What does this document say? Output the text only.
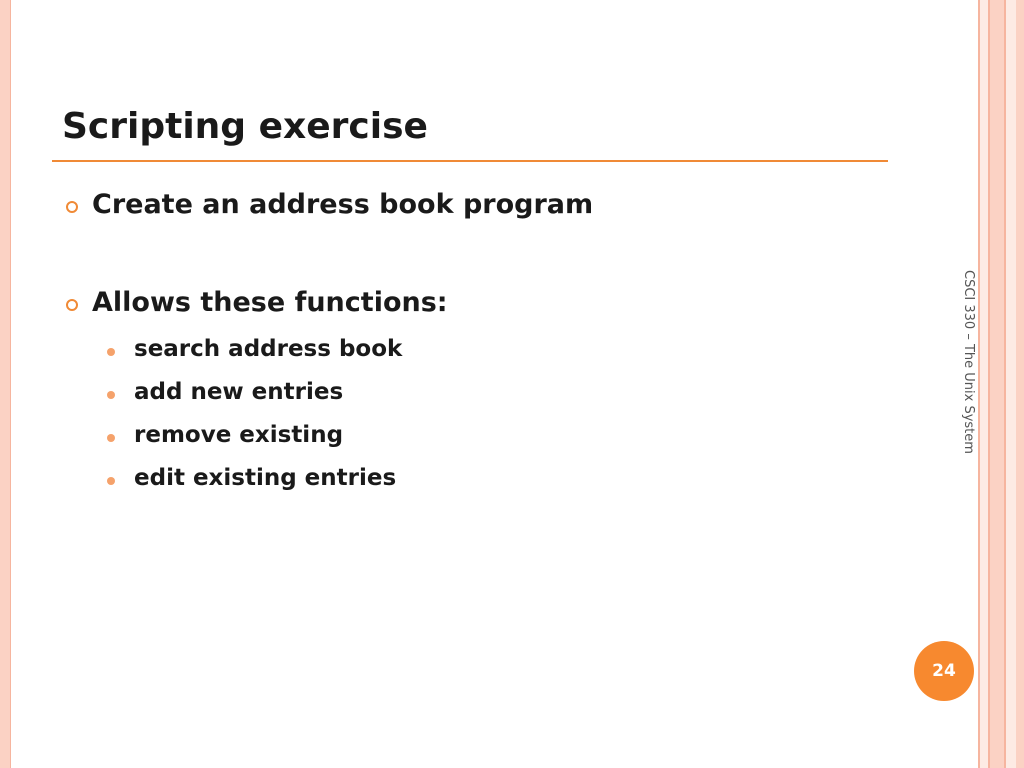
Scripting exercise
Create an address book program
Allows these functions:
search address book
add new entries
remove existing
edit existing entries
CSCI 330 – The Unix System
24
